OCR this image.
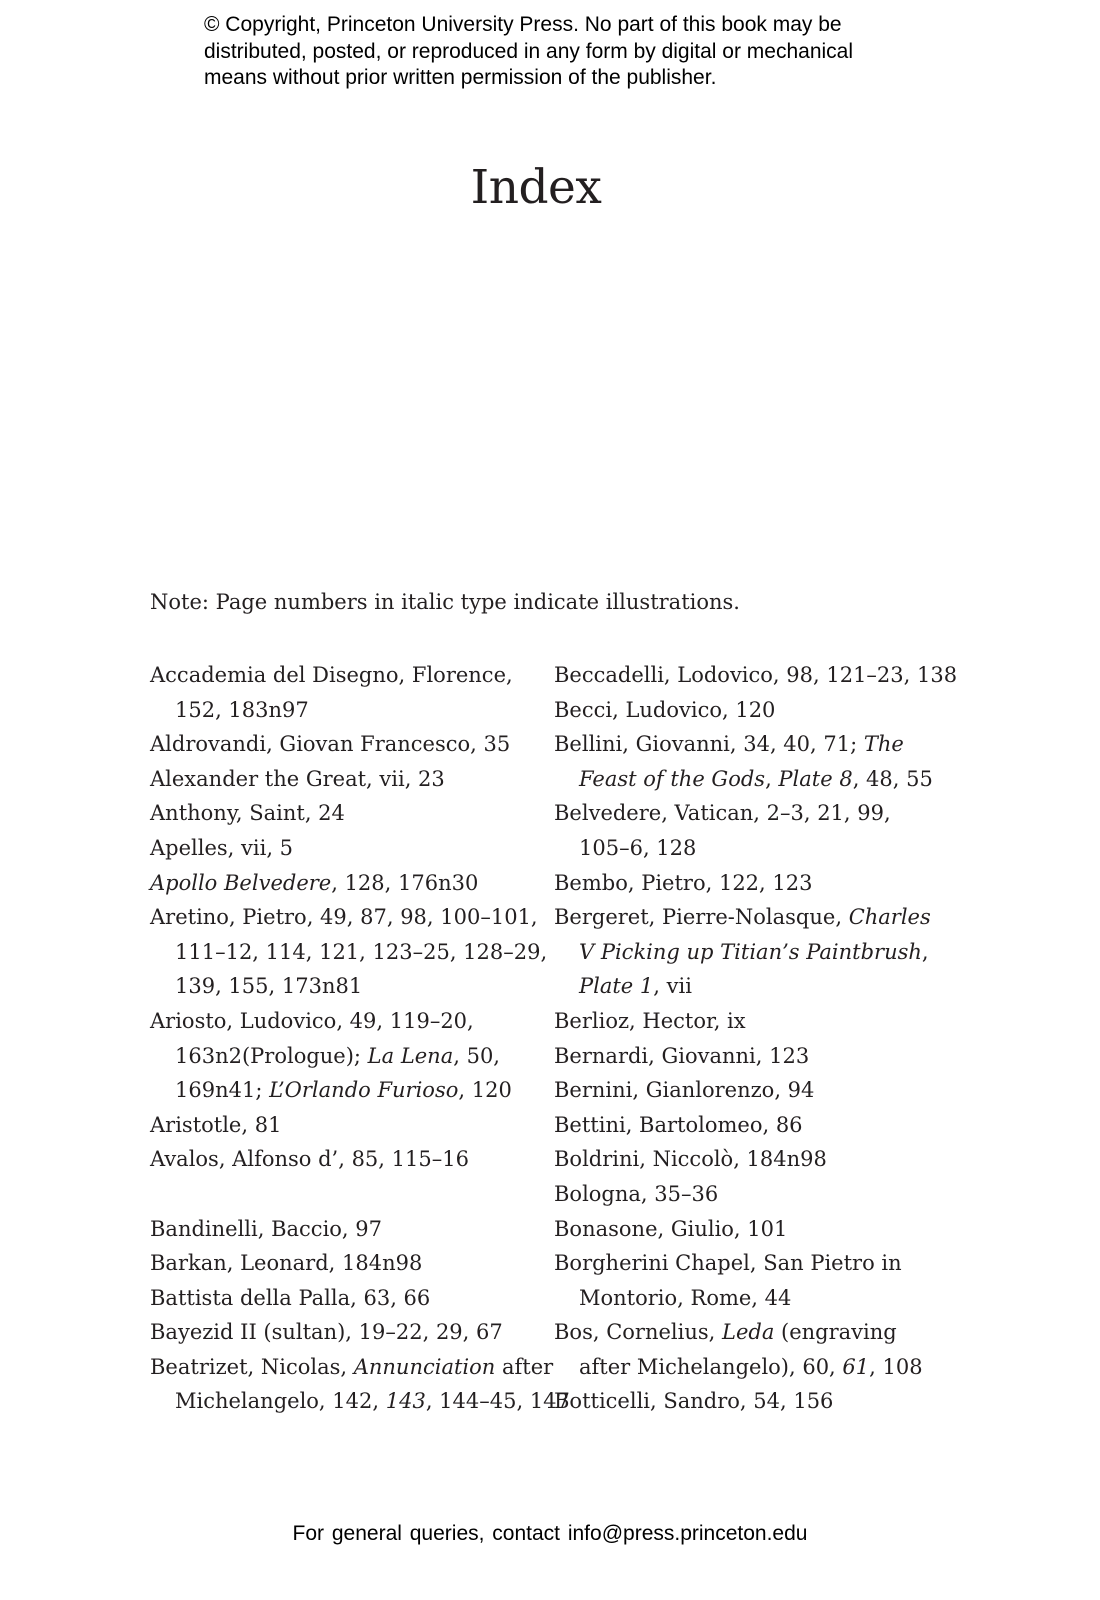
© Copyright, Princeton University Press. No part of this book may be
distributed, posted, or reproduced in any form by digital or mechanical
means without prior written permission of the publisher.
Index
Note: Page numbers in italic type indicate illustrations.
Accademia del Disegno, Florence,
152, 183n97
Aldrovandi, Giovan Francesco, 35
Alexander the Great, vii, 23
Anthony, Saint, 24
Apelles, vii, 5
Apollo Belvedere, 128, 176n30
Aretino, Pietro, 49, 87, 98, 100–101,
111–12, 114, 121, 123–25, 128–29,
139, 155, 173n81
Ariosto, Ludovico, 49, 119–20,
163n2(Prologue); La Lena, 50,
169n41; L’Orlando Furioso, 120
Aristotle, 81
Avalos, Alfonso d’, 85, 115–16
Bandinelli, Baccio, 97
Barkan, Leonard, 184n98
Battista della Palla, 63, 66
Bayezid II (sultan), 19–22, 29, 67
Beatrizet, Nicolas, Annunciation after
Michelangelo, 142, 143, 144–45, 147
Beccadelli, Lodovico, 98, 121–23, 138
Becci, Ludovico, 120
Bellini, Giovanni, 34, 40, 71; The
Feast of the Gods, Plate 8, 48, 55
Belvedere, Vatican, 2–3, 21, 99,
105–6, 128
Bembo, Pietro, 122, 123
Bergeret, Pierre-Nolasque, Charles
V Picking up Titian’s Paintbrush,
Plate 1, vii
Berlioz, Hector, ix
Bernardi, Giovanni, 123
Bernini, Gianlorenzo, 94
Bettini, Bartolomeo, 86
Boldrini, Niccolò, 184n98
Bologna, 35–36
Bonasone, Giulio, 101
Borgherini Chapel, San Pietro in
Montorio, Rome, 44
Bos, Cornelius, Leda (engraving
after Michelangelo), 60, 61, 108
Botticelli, Sandro, 54, 156
For general queries, contact info@press.princeton.edu
